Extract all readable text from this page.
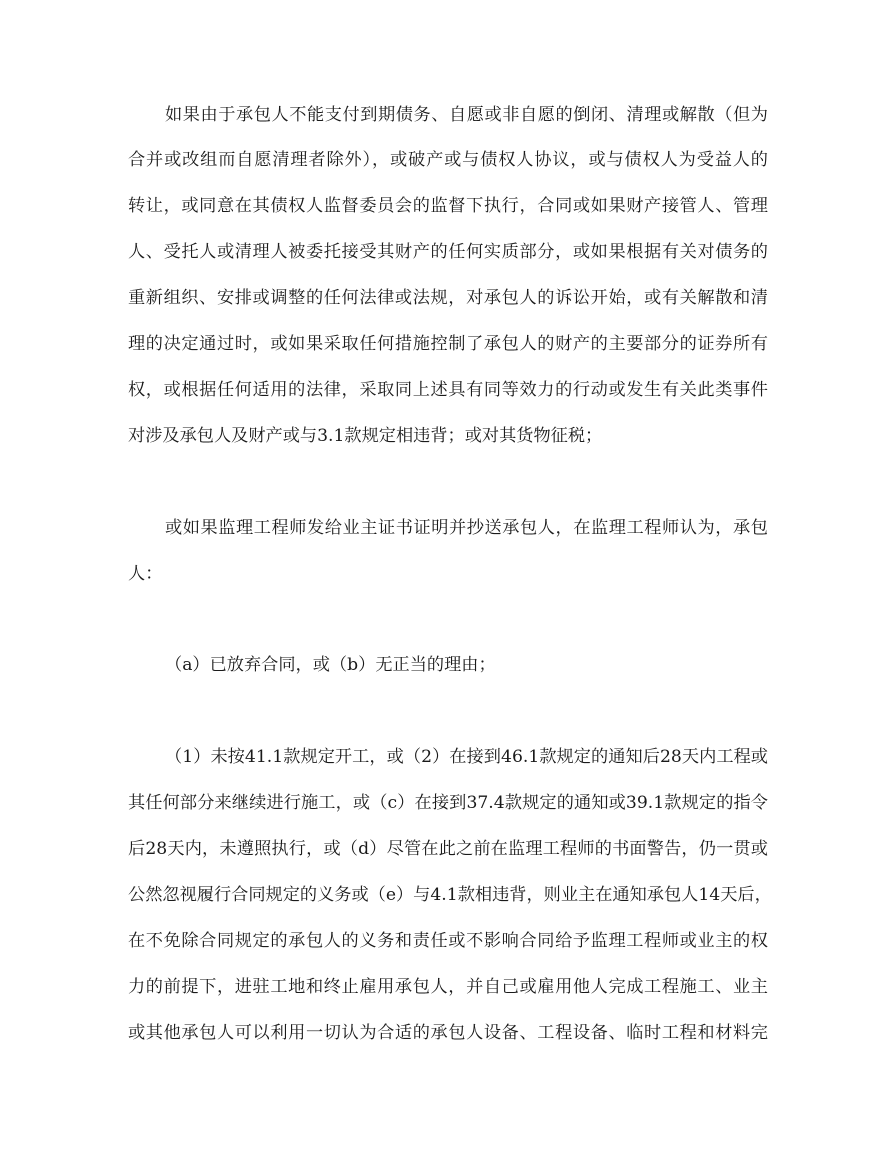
如果由于承包人不能支付到期债务、自愿或非自愿的倒闭、清理或解散（但为
合并或改组而自愿清理者除外），或破产或与债权人协议，或与债权人为受益人的
转让，或同意在其债权人监督委员会的监督下执行，合同或如果财产接管人、管理
人、受托人或清理人被委托接受其财产的任何实质部分，或如果根据有关对债务的
重新组织、安排或调整的任何法律或法规，对承包人的诉讼开始，或有关解散和清
理的决定通过时，或如果采取任何措施控制了承包人的财产的主要部分的证券所有
权，或根据任何适用的法律，采取同上述具有同等效力的行动或发生有关此类事件
对涉及承包人及财产或与3.1款规定相违背；或对其货物征税；
或如果监理工程师发给业主证书证明并抄送承包人，在监理工程师认为，承包
人：
（a）已放弃合同，或（b）无正当的理由；
（1）未按41.1款规定开工，或（2）在接到46.1款规定的通知后28天内工程或
其任何部分来继续进行施工，或（c）在接到37.4款规定的通知或39.1款规定的指令
后28天内，未遵照执行，或（d）尽管在此之前在监理工程师的书面警告，仍一贯或
公然忽视履行合同规定的义务或（e）与4.1款相违背，则业主在通知承包人14天后，
在不免除合同规定的承包人的义务和责任或不影响合同给予监理工程师或业主的权
力的前提下，进驻工地和终止雇用承包人，并自己或雇用他人完成工程施工、业主
或其他承包人可以利用一切认为合适的承包人设备、工程设备、临时工程和材料完
